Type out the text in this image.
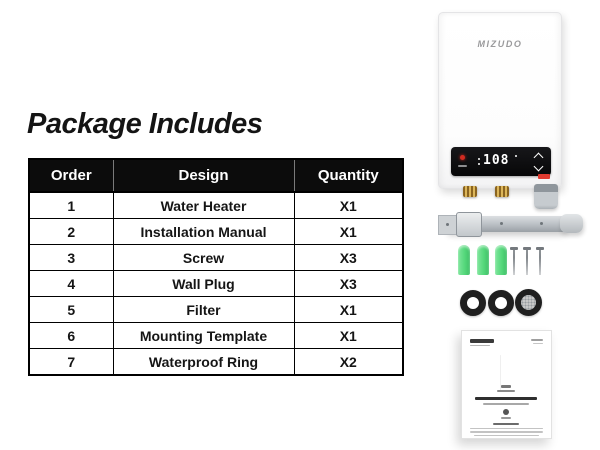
Package Includes
Order	Design	Quantity
1	Water Heater	X1
2	Installation Manual	X1
3	Screw	X3
4	Wall Plug	X3
5	Filter	X1
6	Mounting Template	X1
7	Waterproof Ring	X2
MIZUDO
108
